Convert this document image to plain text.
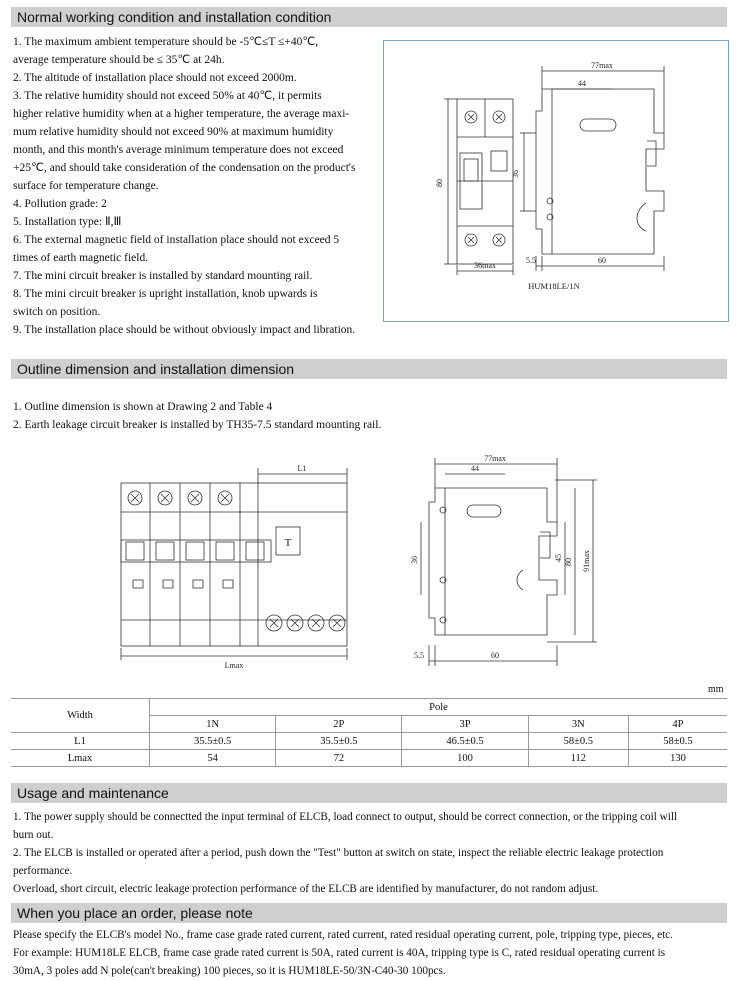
Normal working condition and installation condition

1. The maximum ambient temperature should be -5℃≤T ≤+40℃,

average temperature should be ≤ 35℃ at 24h.

2. The altitude of installation place should not exceed 2000m.

3. The relative humidity should not exceed 50% at 40℃, it permits

higher relative humidity when at a higher temperature, the average maxi-

mum relative humidity should not exceed 90% at maximum humidity

month, and this month's average minimum temperature does not exceed

+25℃, and should take consideration of the condensation on the product's

surface for temperature change.

4. Pollution grade: 2

5. Installation type: Ⅱ,Ⅲ

6. The external magnetic field of installation place should not exceed 5

times of earth magnetic field.

7. The mini circuit breaker is installed by standard mounting rail.

8. The mini circuit breaker is upright installation, knob upwards is

switch on position.

9. The installation place should be without obviously impact and libration.

80
36max
77max
44
36
5.5	60
HUM18LE/1N
Outline dimension and installation dimension

1. Outline dimension is shown at Drawing 2 and Table 4

2. Earth leakage circuit breaker is installed by TH35-7.5 standard mounting rail.

T
L1
Lmax
77max
44
36	45 80 91max
5.5	60
mm
Width	Pole				
	1N	2P	3P	3N	4P
L1	35.5±0.5	35.5±0.5	46.5±0.5	58±0.5	58±0.5
Lmax	54	72	100	112	130
Usage and maintenance

1. The power supply should be connectted the input terminal of ELCB, load connect to output, should be correct connection, or the tripping coil will

burn out.

2. The ELCB is installed or operated after a period, push down the "Test" button at switch on state, inspect the reliable electric leakage protection

performance.

Overload, short circuit, electric leakage protection performance of the ELCB are identified by manufacturer, do not random adjust.

When you place an order, please note

Please specify the ELCB's model No., frame case grade rated current, rated current, rated residual operating current, pole, tripping type, pieces, etc.

For example: HUM18LE ELCB, frame case grade rated current is 50A, rated current is 40A, tripping type is C, rated residual operating current is

30mA, 3 poles add N pole(can't breaking) 100 pieces, so it is HUM18LE-50/3N-C40-30 100pcs.
